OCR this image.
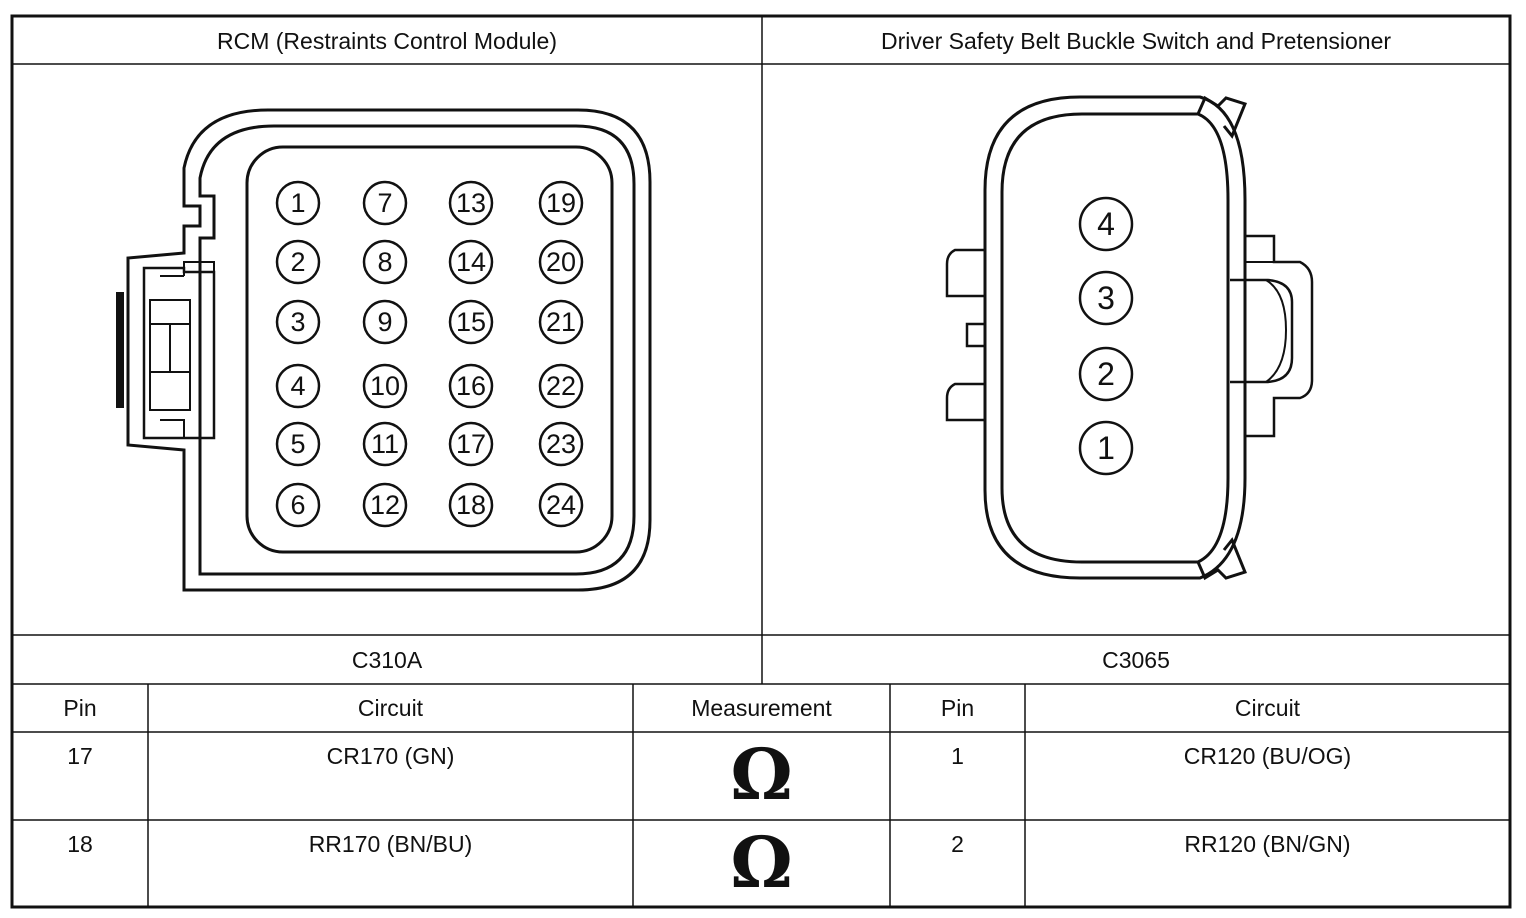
1
2
3
4
5
6
7
8
9
10
11
12
13
14
15
16
17
18
19
20
21
22
23
24
4
3
2
1
RCM (Restraints Control Module)	Driver Safety Belt Buckle Switch and Pretensioner
C310A	C3065
Pin	Circuit	Measurement	Pin	Circuit
17	CR170 (GN)	Ω	1	CR120 (BU/OG)
18	RR170 (BN/BU)	Ω	2	RR120 (BN/GN)
